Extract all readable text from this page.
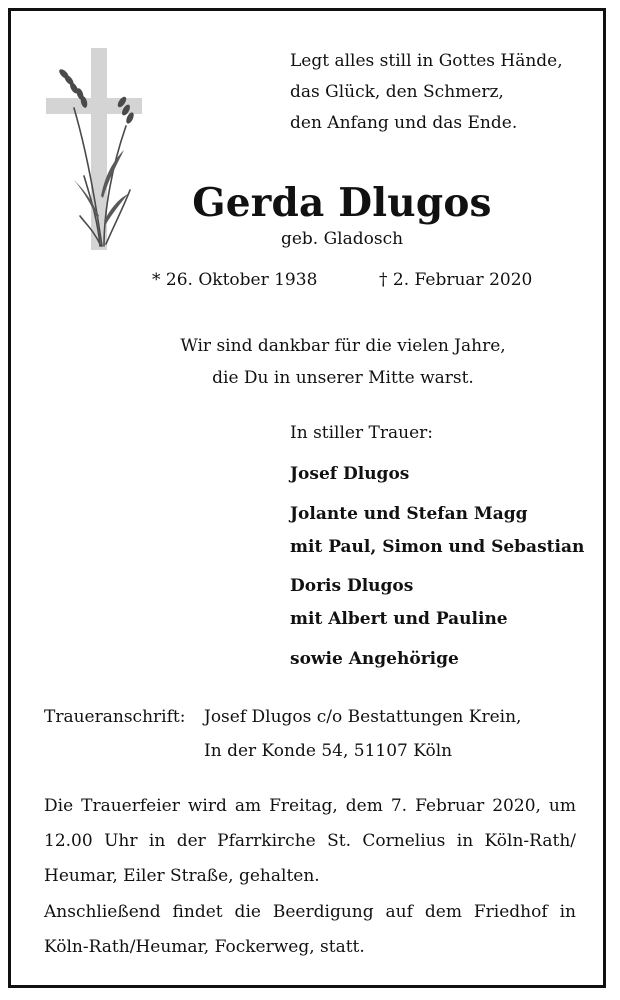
Legt alles still in Gottes Hände,
das Glück, den Schmerz,
den Anfang und das Ende.
Gerda Dlugos
geb. Gladosch
* 26. Oktober 1938	† 2. Februar 2020
Wir sind dankbar für die vielen Jahre,
die Du in unserer Mitte warst.
In stiller Trauer:
Josef Dlugos
Jolante und Stefan Magg
mit Paul, Simon und Sebastian
Doris Dlugos
mit Albert und Pauline
sowie Angehörige
Traueranschrift: Josef Dlugos c/o Bestattungen Krein,
In der Konde 54, 51107 Köln
Die Trauerfeier wird am Freitag, dem 7. Februar 2020, um 12.00 Uhr in der Pfarrkirche St. Cornelius in Köln-Rath/ Heumar, Eiler Straße, gehalten.
Anschließend findet die Beerdigung auf dem Friedhof in Köln-Rath/Heumar, Fockerweg, statt.
